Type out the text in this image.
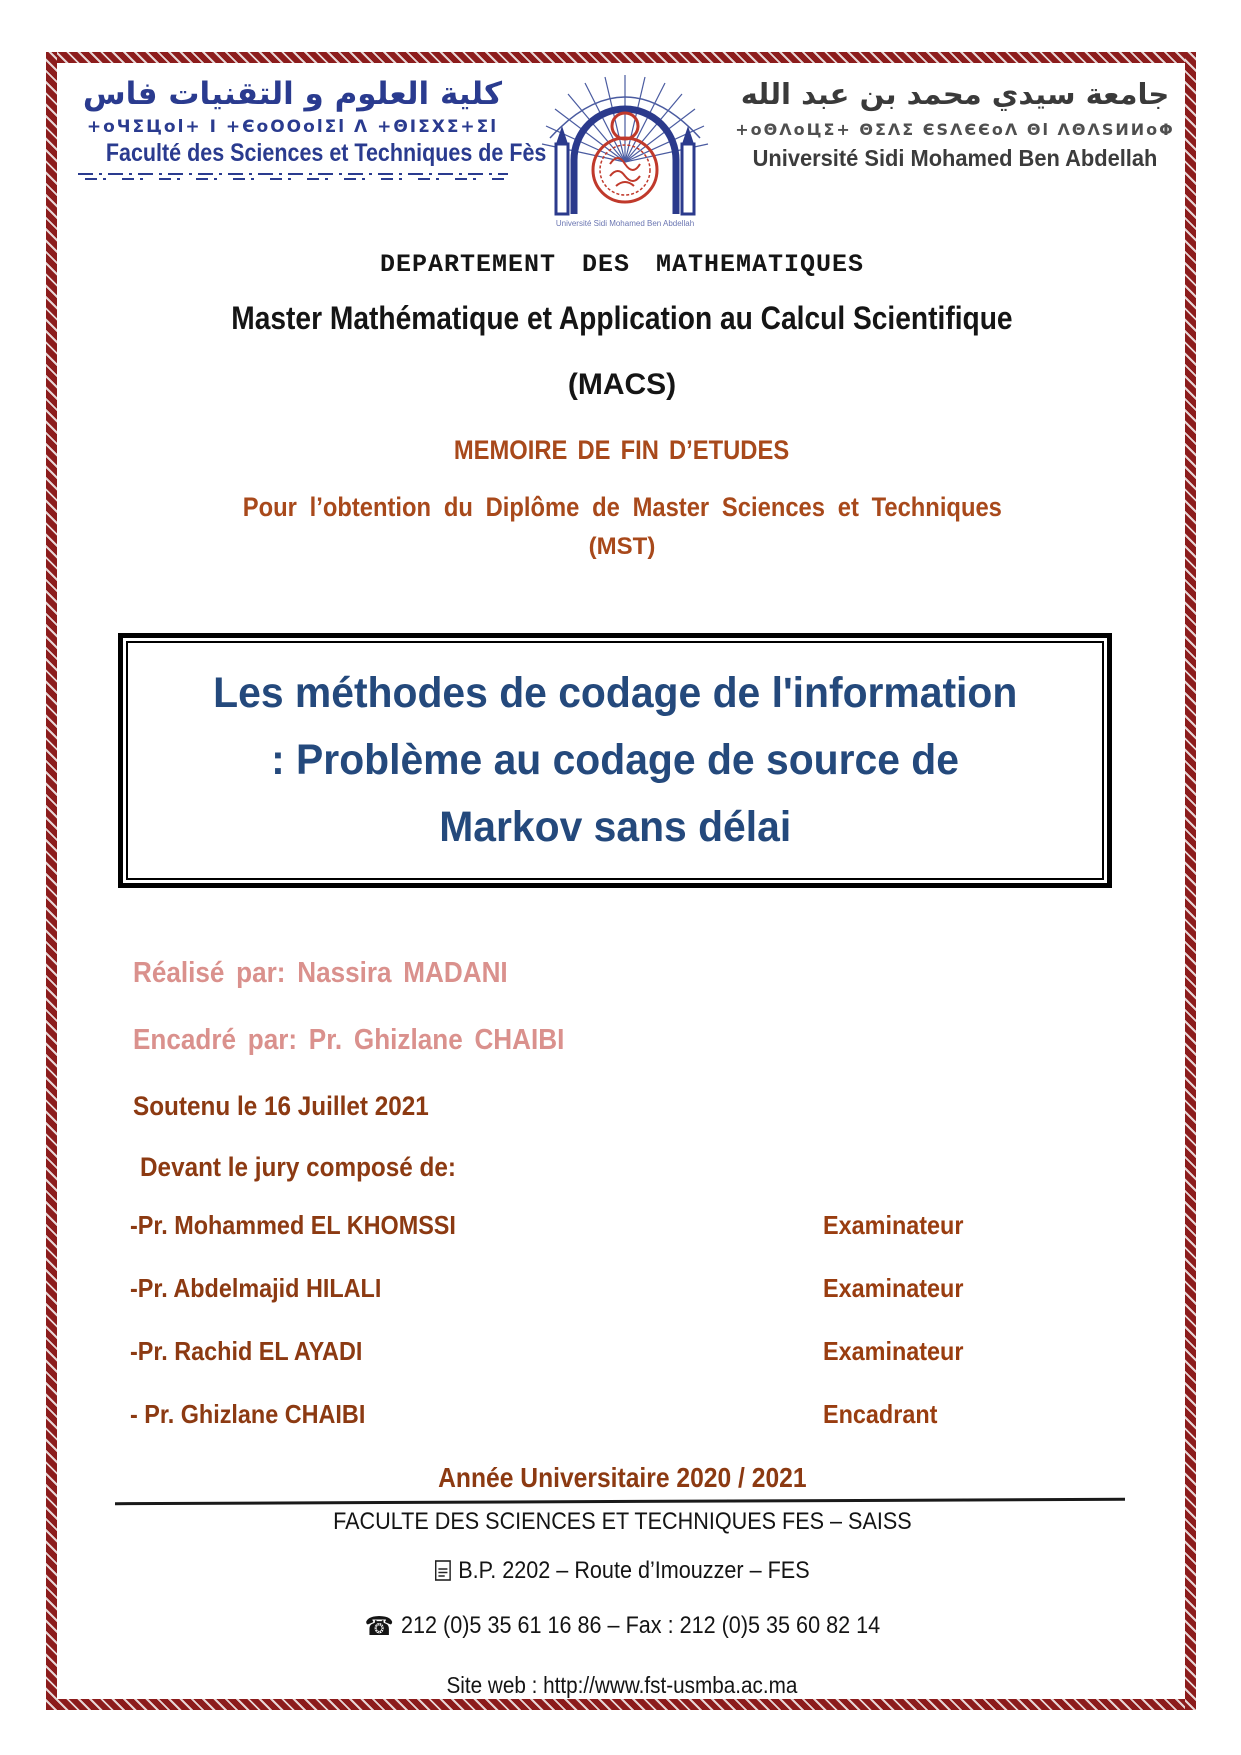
كلية العلوم و التقنيات فاس
+oЧΣЦol+ I +ЄoOOolΣl Λ +ΘΙΣΧΣ+Σl
Faculté des Sciences et Techniques de Fès
Université Sidi Mohamed Ben Abdellah
جامعة سيدي محمد بن عبد الله
+oΘΛoЦΣ+ ΘΣΛΣ ЄЅΛЄЄoΛ Θl ΛΘΛЅИИoΦ
Université Sidi Mohamed Ben Abdellah
DEPARTEMENT DES MATHEMATIQUES
Master Mathématique et Application au Calcul Scientifique
(MACS)
MEMOIRE DE FIN D’ETUDES
Pour l’obtention du Diplôme de Master Sciences et Techniques
(MST)
Les méthodes de codage de l'information
: Problème au codage de source de
Markov sans délai
Réalisé par: Nassira MADANI
Encadré par: Pr. Ghizlane CHAIBI
Soutenu le 16 Juillet 2021
Devant le jury composé de:
-Pr. Mohammed EL KHOMSSI	Examinateur
-Pr. Abdelmajid HILALI	Examinateur
-Pr. Rachid EL AYADI	Examinateur
- Pr. Ghizlane CHAIBI	Encadrant
Année Universitaire 2020 / 2021
FACULTE DES SCIENCES ET TECHNIQUES FES – SAISS
B.P. 2202 – Route d’Imouzzer – FES
☎ 212 (0)5 35 61 16 86 – Fax : 212 (0)5 35 60 82 14
Site web : http://www.fst-usmba.ac.ma
